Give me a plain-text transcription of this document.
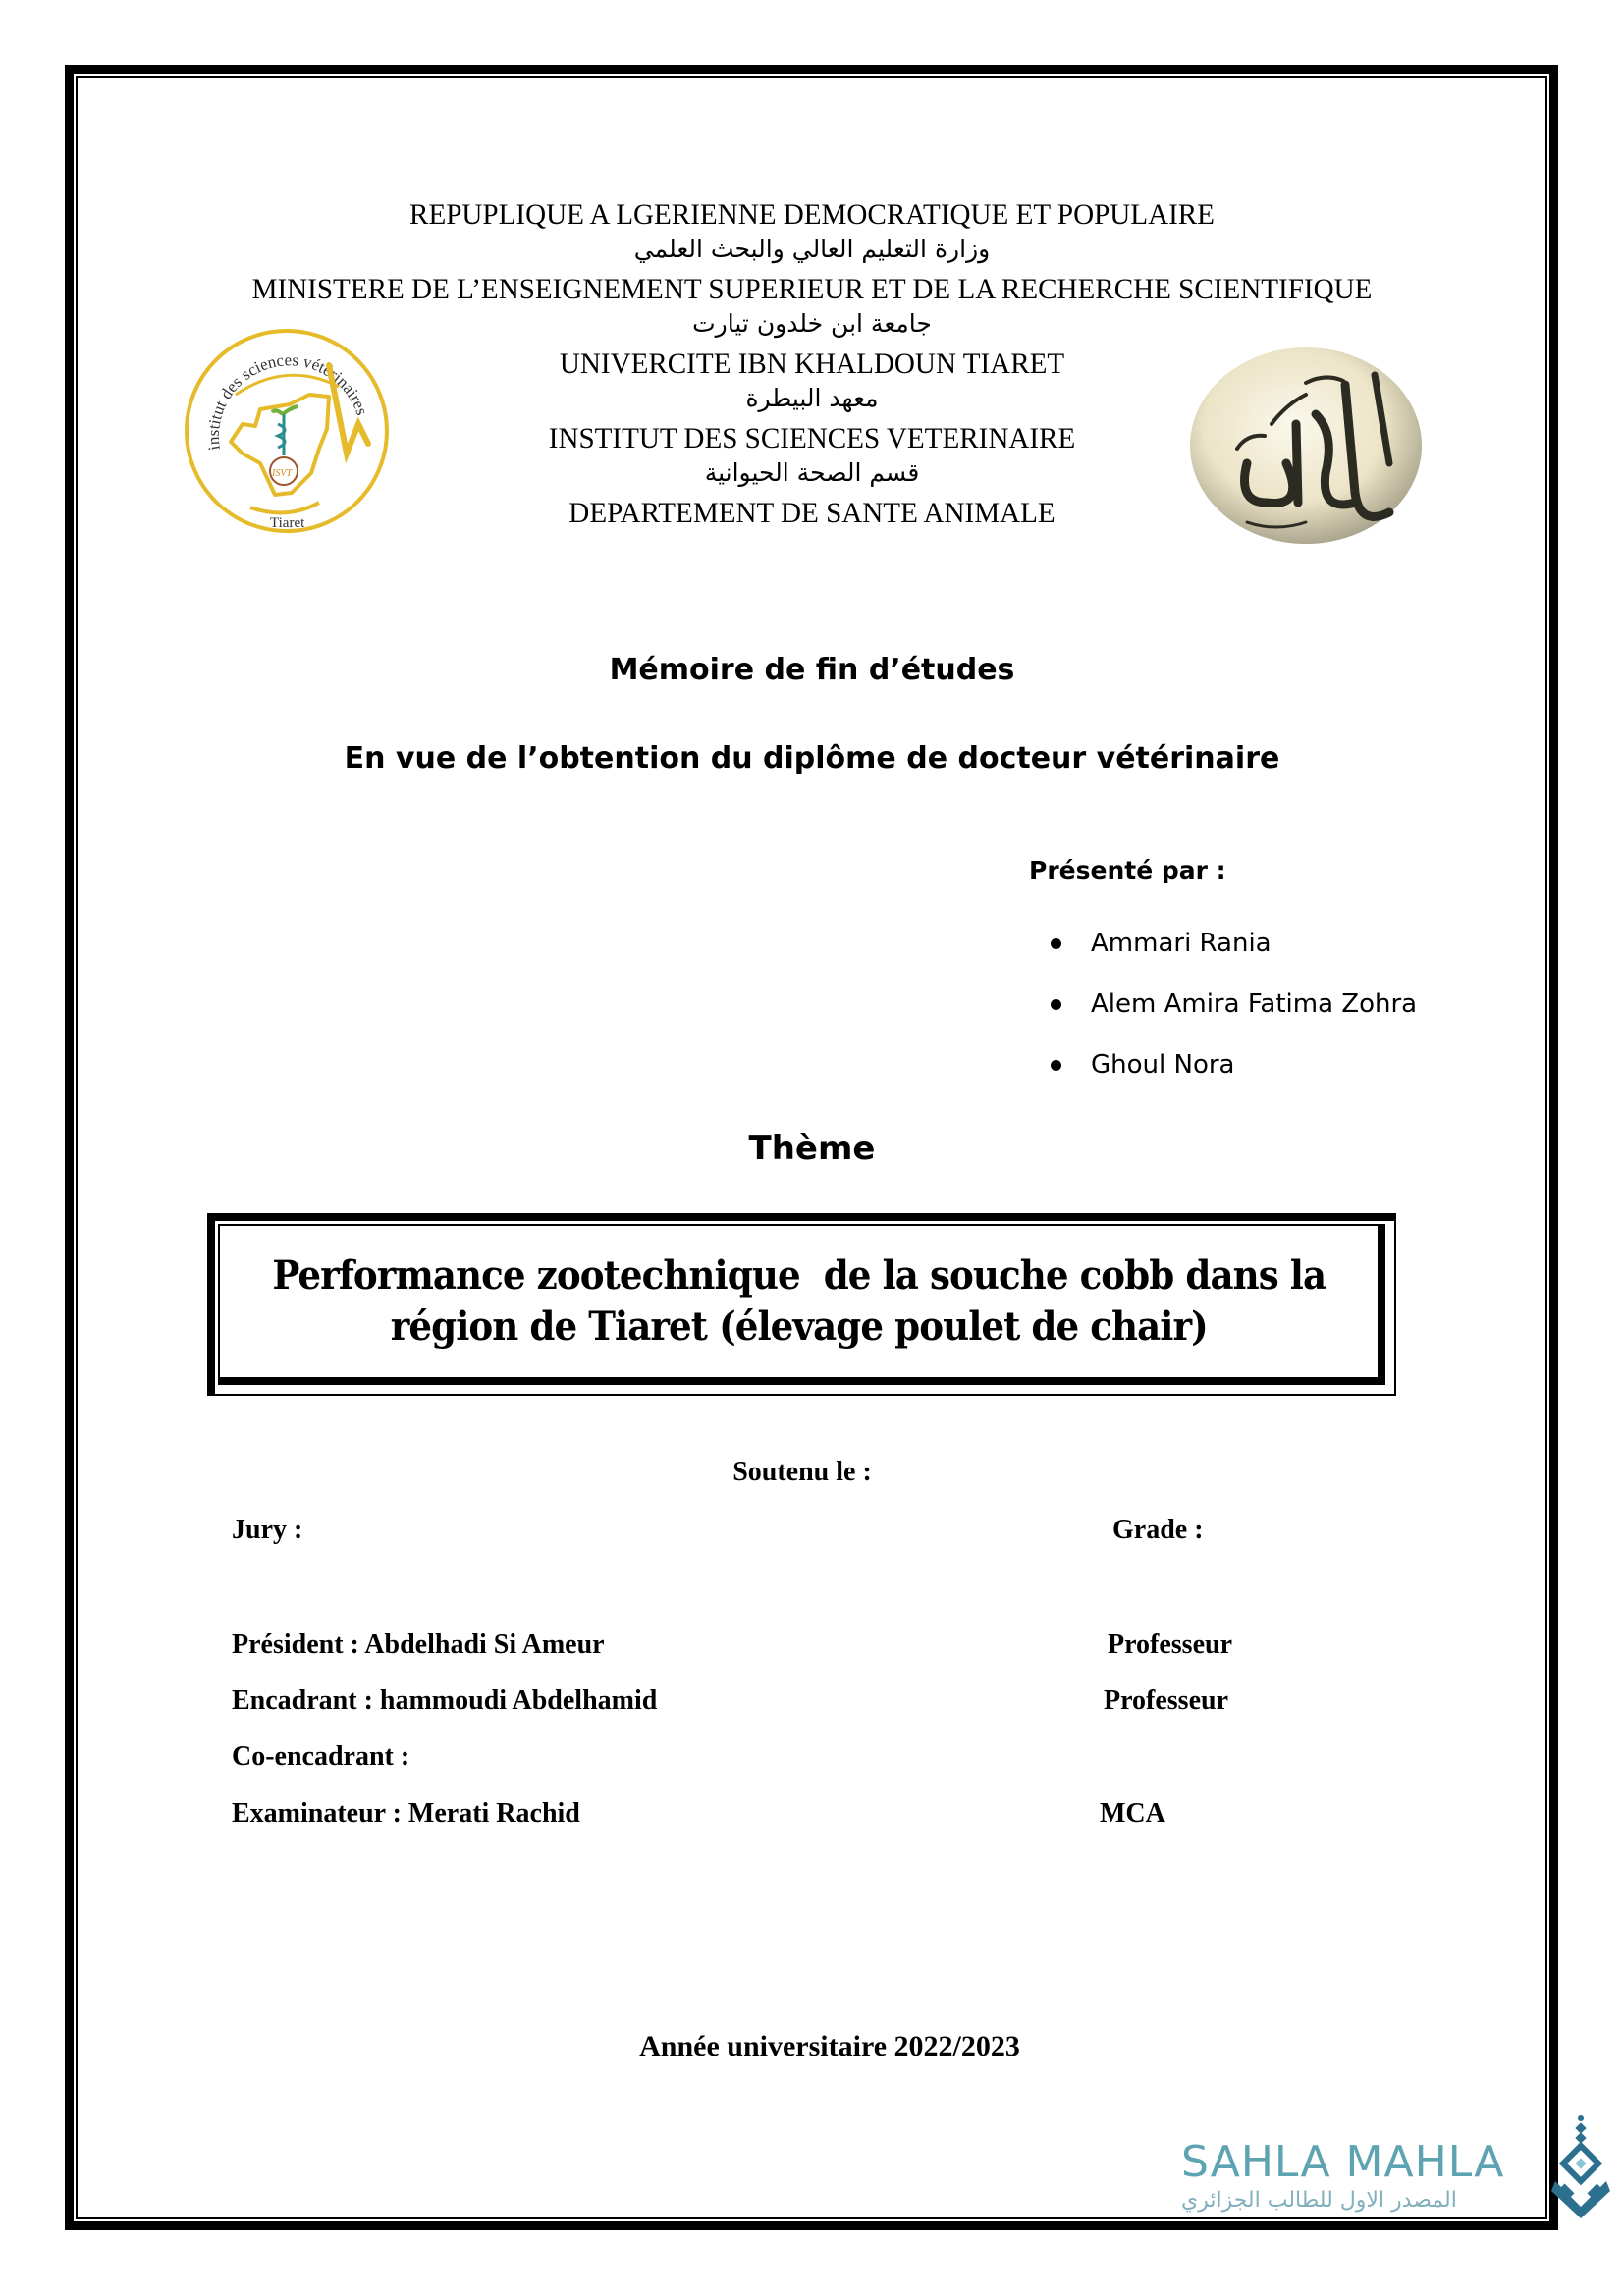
REPUPLIQUE A LGERIENNE DEMOCRATIQUE ET POPULAIRE
وزارة التعليم العالي والبحث العلمي
MINISTERE DE L’ENSEIGNEMENT SUPERIEUR ET DE LA RECHERCHE SCIENTIFIQUE
جامعة ابن خلدون تيارت
UNIVERCITE IBN KHALDOUN TIARET
معهد البيطرة
INSTITUT DES SCIENCES VETERINAIRE
قسم الصحة الحيوانية
DEPARTEMENT DE SANTE ANIMALE
institut des sciences vétérinaires
Tiaret
ISVT
Mémoire de fin d’études
En vue de l’obtention du diplôme de docteur vétérinaire
Présenté par :
Ammari Rania
Alem Amira Fatima Zohra
Ghoul Nora
Thème
Performance zootechnique  de la souche cobb dans la
région de Tiaret (élevage poulet de chair)
Soutenu le :
Jury :	Grade :
Président : Abdelhadi Si Ameur	Professeur
Encadrant : hammoudi Abdelhamid	Professeur
Co-encadrant :
Examinateur : Merati Rachid	MCA
Année universitaire 2022/2023
SAHLA MAHLA
المصدر الاول للطالب الجزائري
